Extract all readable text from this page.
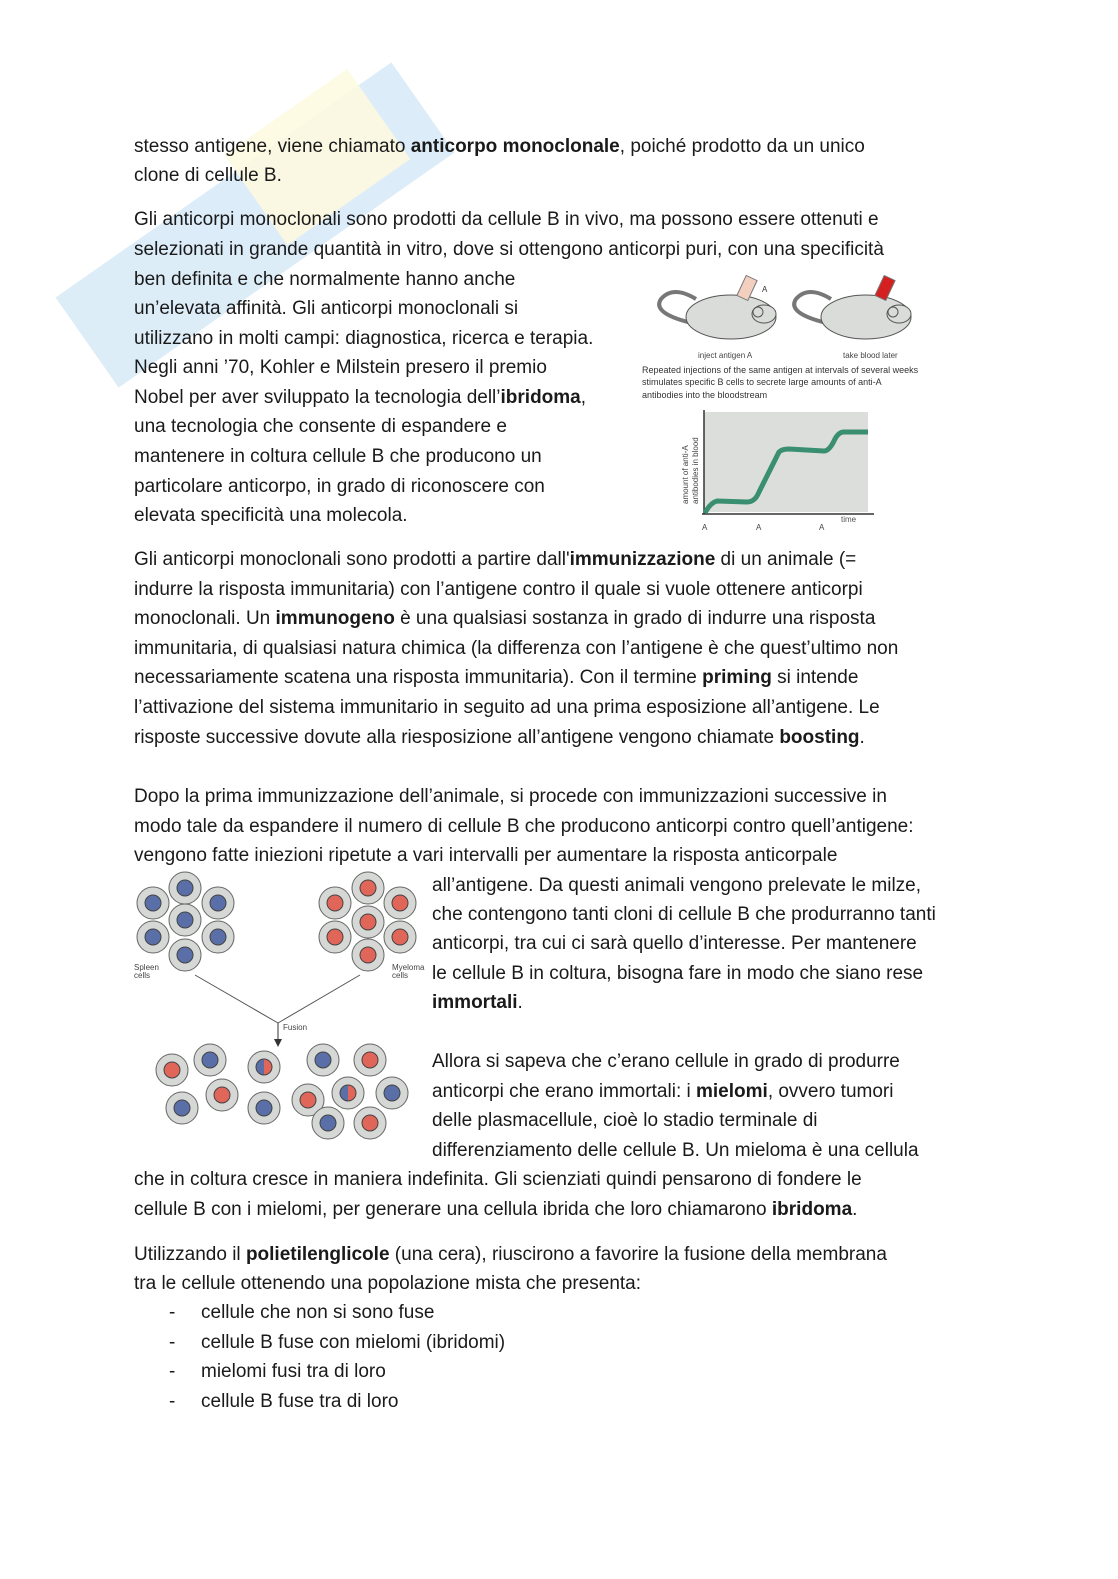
stesso antigene, viene chiamato anticorpo monoclonale, poiché prodotto da un unico
clone di cellule B.
Gli anticorpi monoclonali sono prodotti da cellule B in vivo, ma possono essere ottenuti e
selezionati in grande quantità in vitro, dove si ottengono anticorpi puri, con una specificità
ben definita e che normalmente hanno anche
un’elevata affinità. Gli anticorpi monoclonali si
utilizzano in molti campi: diagnostica, ricerca e terapia.
Negli anni ’70, Kohler e Milstein presero il premio
Nobel per aver sviluppato la tecnologia dell’ibridoma,
una tecnologia che consente di espandere e
mantenere in coltura cellule B che producono un
particolare anticorpo, in grado di riconoscere con
elevata specificità una molecola.
Gli anticorpi monoclonali sono prodotti a partire dall'immunizzazione di un animale (=
indurre la risposta immunitaria) con l’antigene contro il quale si vuole ottenere anticorpi
monoclonali. Un immunogeno è una qualsiasi sostanza in grado di indurre una risposta
immunitaria, di qualsiasi natura chimica (la differenza con l’antigene è che quest’ultimo non
necessariamente scatena una risposta immunitaria). Con il termine priming si intende
l’attivazione del sistema immunitario in seguito ad una prima esposizione all’antigene. Le
risposte successive dovute alla riesposizione all’antigene vengono chiamate boosting.
Dopo la prima immunizzazione dell’animale, si procede con immunizzazioni successive in
modo tale da espandere il numero di cellule B che producono anticorpi contro quell’antigene:
vengono fatte iniezioni ripetute a vari intervalli per aumentare la risposta anticorpale
all’antigene. Da questi animali vengono prelevate le milze,
che contengono tanti cloni di cellule B che produrranno tanti
anticorpi, tra cui ci sarà quello d’interesse. Per mantenere
le cellule B in coltura, bisogna fare in modo che siano rese
immortali.
Allora si sapeva che c’erano cellule in grado di produrre
anticorpi che erano immortali: i mielomi, ovvero tumori
delle plasmacellule, cioè lo stadio terminale di
differenziamento delle cellule B. Un mieloma è una cellula
che in coltura cresce in maniera indefinita. Gli scienziati quindi pensarono di fondere le
cellule B con i mielomi, per generare una cellula ibrida che loro chiamarono ibridoma.
Utilizzando il polietilenglicole (una cera), riuscirono a favorire la fusione della membrana
tra le cellule ottenendo una popolazione mista che presenta:
- cellule che non si sono fuse
- cellule B fuse con mielomi (ibridomi)
- mielomi fusi tra di loro
- cellule B fuse tra di loro
A
inject antigen A	take blood later
Repeated injections of the same antigen at intervals of several weeks
stimulates specific B cells to secrete large amounts of anti-A
antibodies into the bloodstream
amount of anti-A antibodies in blood
time
A	A	A
Spleen
cells
Myeloma
cells
Fusion
